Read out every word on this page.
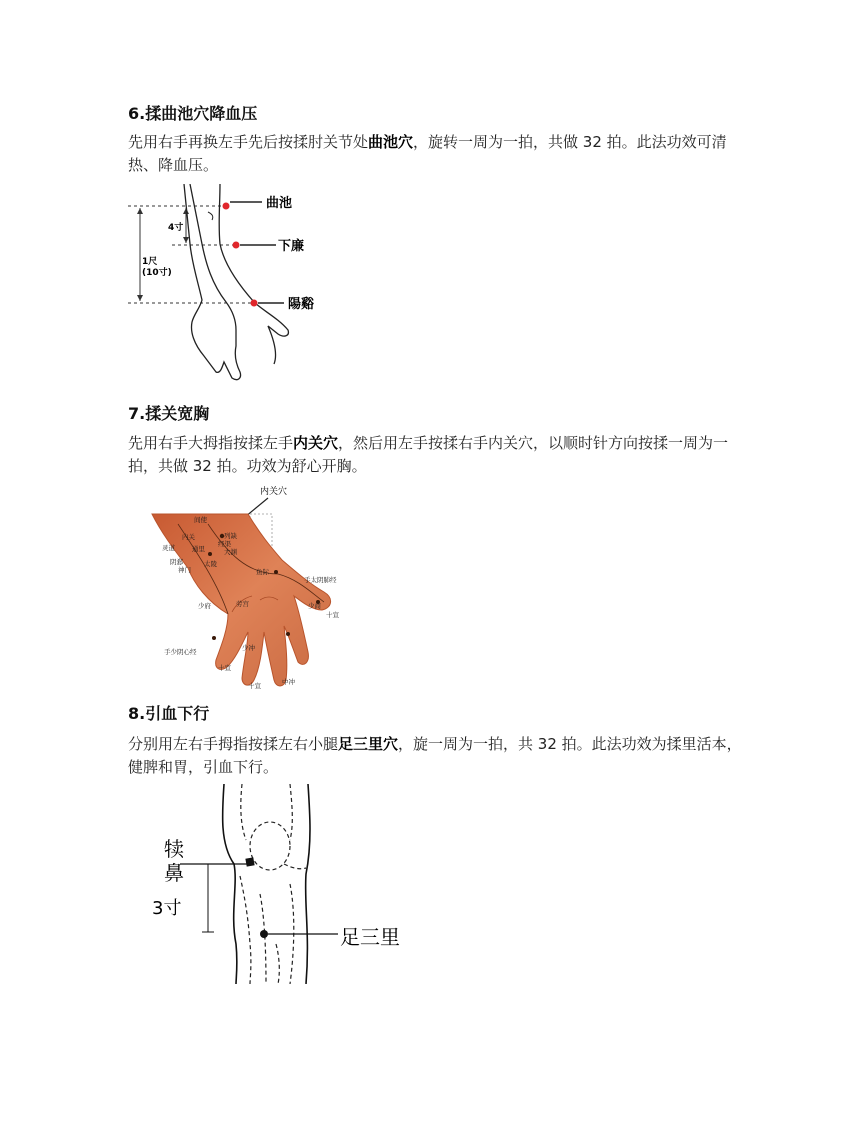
6.揉曲池穴降血压

先用右手再换左手先后按揉肘关节处曲池穴，旋转一周为一拍，共做 32 拍。此法功效可清热、降血压。

4寸
1尺
(10寸)
曲池
下廉
陽谿
7.揉关宽胸

先用右手大拇指按揉左手内关穴，然后用左手按揉右手内关穴，以顺时针方向按揉一周为一拍，共做 32 拍。功效为舒心开胸。

内关穴
间使
内关	列缺
灵道	通里
经渠
大渊
阴郄
神门
太陵
鱼际
手太阴肺经
少府	劳宫	少商
十宣
中冲
手少阴心经	少冲
十宣
十宣
8.引血下行

分别用左右手拇指按揉左右小腿足三里穴，旋一周为一拍，共 32 拍。此法功效为揉里活本，健脾和胃，引血下行。

犊
鼻
3寸
足三里
